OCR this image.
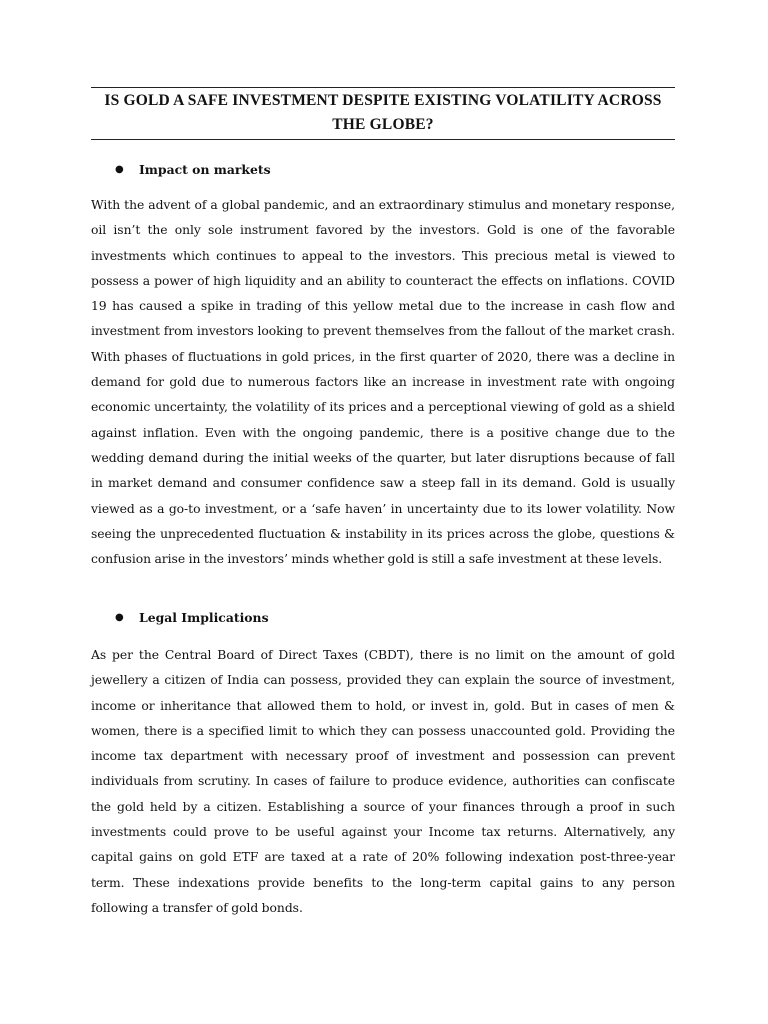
IS GOLD A SAFE INVESTMENT DESPITE EXISTING VOLATILITY ACROSS THE GLOBE?
● Impact on markets
With the advent of a global pandemic, and an extraordinary stimulus and monetary response, oil isn’t the only sole instrument favored by the investors. Gold is one of the favorable investments which continues to appeal to the investors. This precious metal is viewed to possess a power of high liquidity and an ability to counteract the effects on inflations. COVID 19 has caused a spike in trading of this yellow metal due to the increase in cash flow and investment from investors looking to prevent themselves from the fallout of the market crash. With phases of fluctuations in gold prices, in the first quarter of 2020, there was a decline in demand for gold due to numerous factors like an increase in investment rate with ongoing economic uncertainty, the volatility of its prices and a perceptional viewing of gold as a shield against inflation. Even with the ongoing pandemic, there is a positive change due to the wedding demand during the initial weeks of the quarter, but later disruptions because of fall in market demand and consumer confidence saw a steep fall in its demand. Gold is usually viewed as a go-to investment, or a ‘safe haven’ in uncertainty due to its lower volatility. Now seeing the unprecedented fluctuation & instability in its prices across the globe, questions & confusion arise in the investors’ minds whether gold is still a safe investment at these levels.
● Legal Implications
As per the Central Board of Direct Taxes (CBDT), there is no limit on the amount of gold jewellery a citizen of India can possess, provided they can explain the source of investment, income or inheritance that allowed them to hold, or invest in, gold. But in cases of men & women, there is a specified limit to which they can possess unaccounted gold. Providing the income tax department with necessary proof of investment and possession can prevent individuals from scrutiny. In cases of failure to produce evidence, authorities can confiscate the gold held by a citizen. Establishing a source of your finances through a proof in such investments could prove to be useful against your Income tax returns. Alternatively, any capital gains on gold ETF are taxed at a rate of 20% following indexation post-three-year term. These indexations provide benefits to the long-term capital gains to any person following a transfer of gold bonds.
